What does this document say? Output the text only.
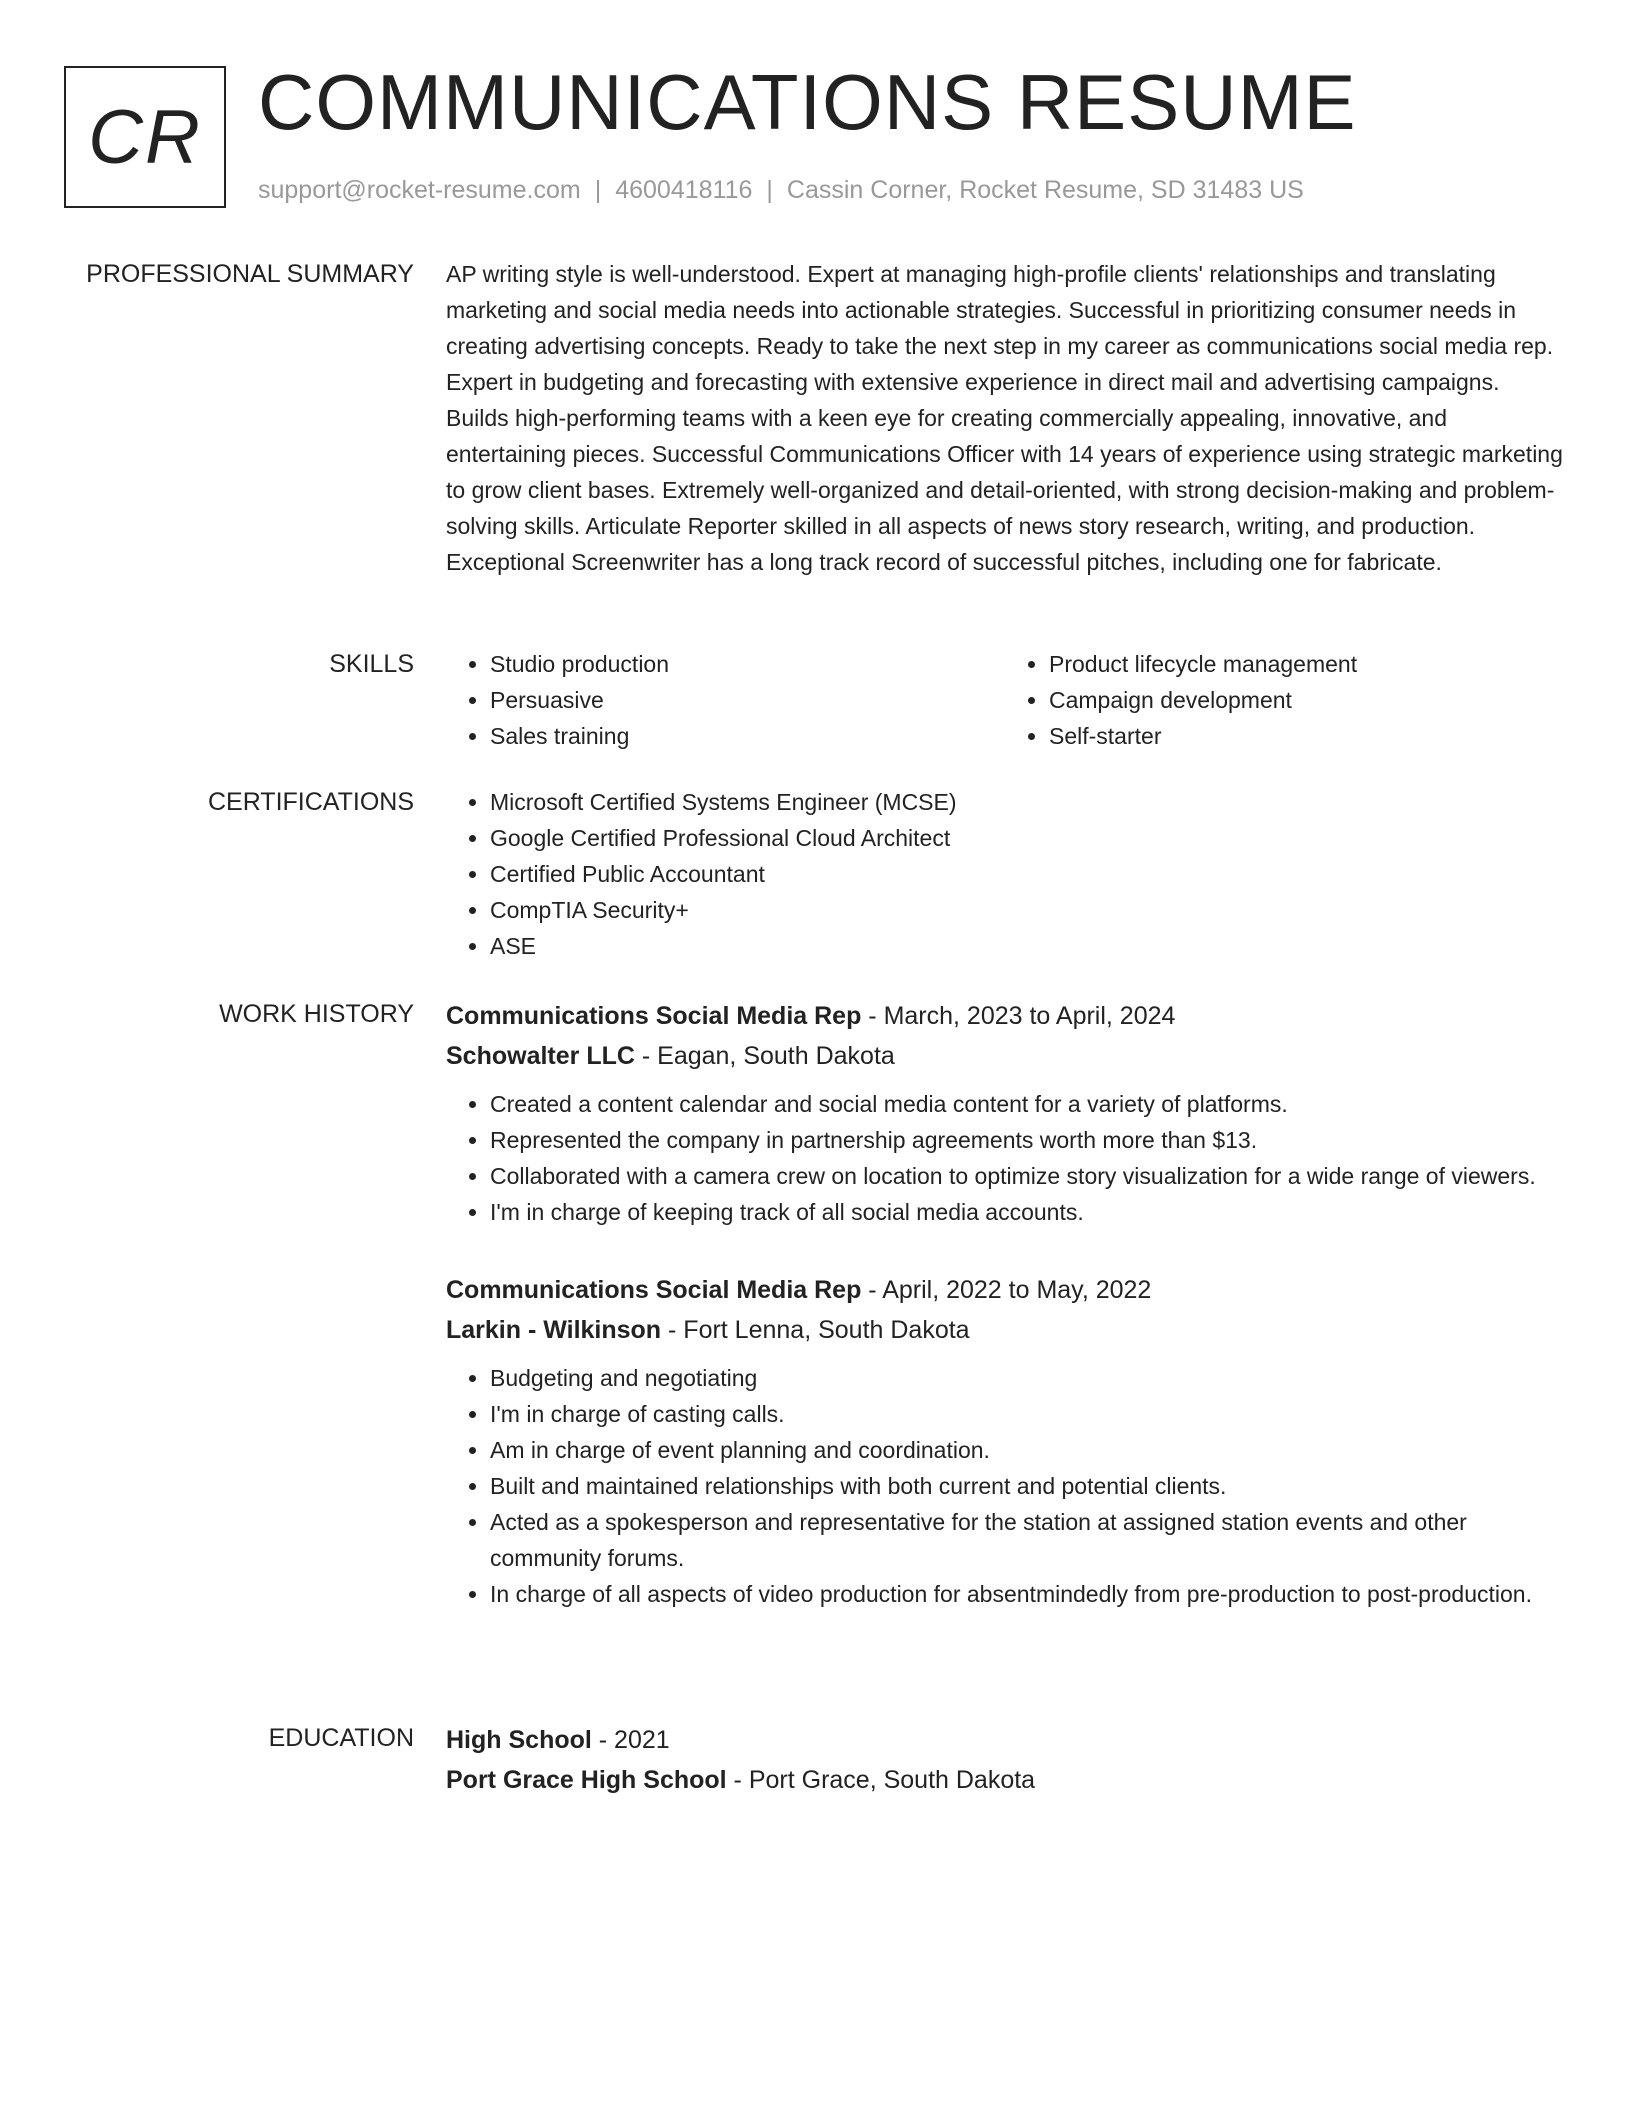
CR COMMUNICATIONS RESUME
support@rocket-resume.com | 4600418116 | Cassin Corner, Rocket Resume, SD 31483 US
PROFESSIONAL SUMMARY AP writing style is well-understood. Expert at managing high-profile clients' relationships and translating marketing and social media needs into actionable strategies. Successful in prioritizing consumer needs in creating advertising concepts. Ready to take the next step in my career as communications social media rep. Expert in budgeting and forecasting with extensive experience in direct mail and advertising campaigns. Builds high-performing teams with a keen eye for creating commercially appealing, innovative, and entertaining pieces. Successful Communications Officer with 14 years of experience using strategic marketing to grow client bases. Extremely well-organized and detail-oriented, with strong decision-making and problem-solving skills. Articulate Reporter skilled in all aspects of news story research, writing, and production. Exceptional Screenwriter has a long track record of successful pitches, including one for fabricate.

SKILLS	• Studio production
• Persuasive
• Sales training
• Product lifecycle management
• Campaign development
• Self-starter
CERTIFICATIONS	• Microsoft Certified Systems Engineer (MCSE)
• Google Certified Professional Cloud Architect
• Certified Public Accountant
• CompTIA Security+
• ASE
WORK HISTORY Communications Social Media Rep - March, 2023 to April, 2024
Schowalter LLC - Eagan, South Dakota
• Created a content calendar and social media content for a variety of platforms.
• Represented the company in partnership agreements worth more than $13.
• Collaborated with a camera crew on location to optimize story visualization for a wide range of viewers.
• I'm in charge of keeping track of all social media accounts.
Communications Social Media Rep - April, 2022 to May, 2022
Larkin - Wilkinson - Fort Lenna, South Dakota
• Budgeting and negotiating
• I'm in charge of casting calls.
• Am in charge of event planning and coordination.
• Built and maintained relationships with both current and potential clients.
• Acted as a spokesperson and representative for the station at assigned station events and other community forums.
• In charge of all aspects of video production for absentmindedly from pre-production to post-production.
EDUCATION High School - 2021
Port Grace High School - Port Grace, South Dakota
